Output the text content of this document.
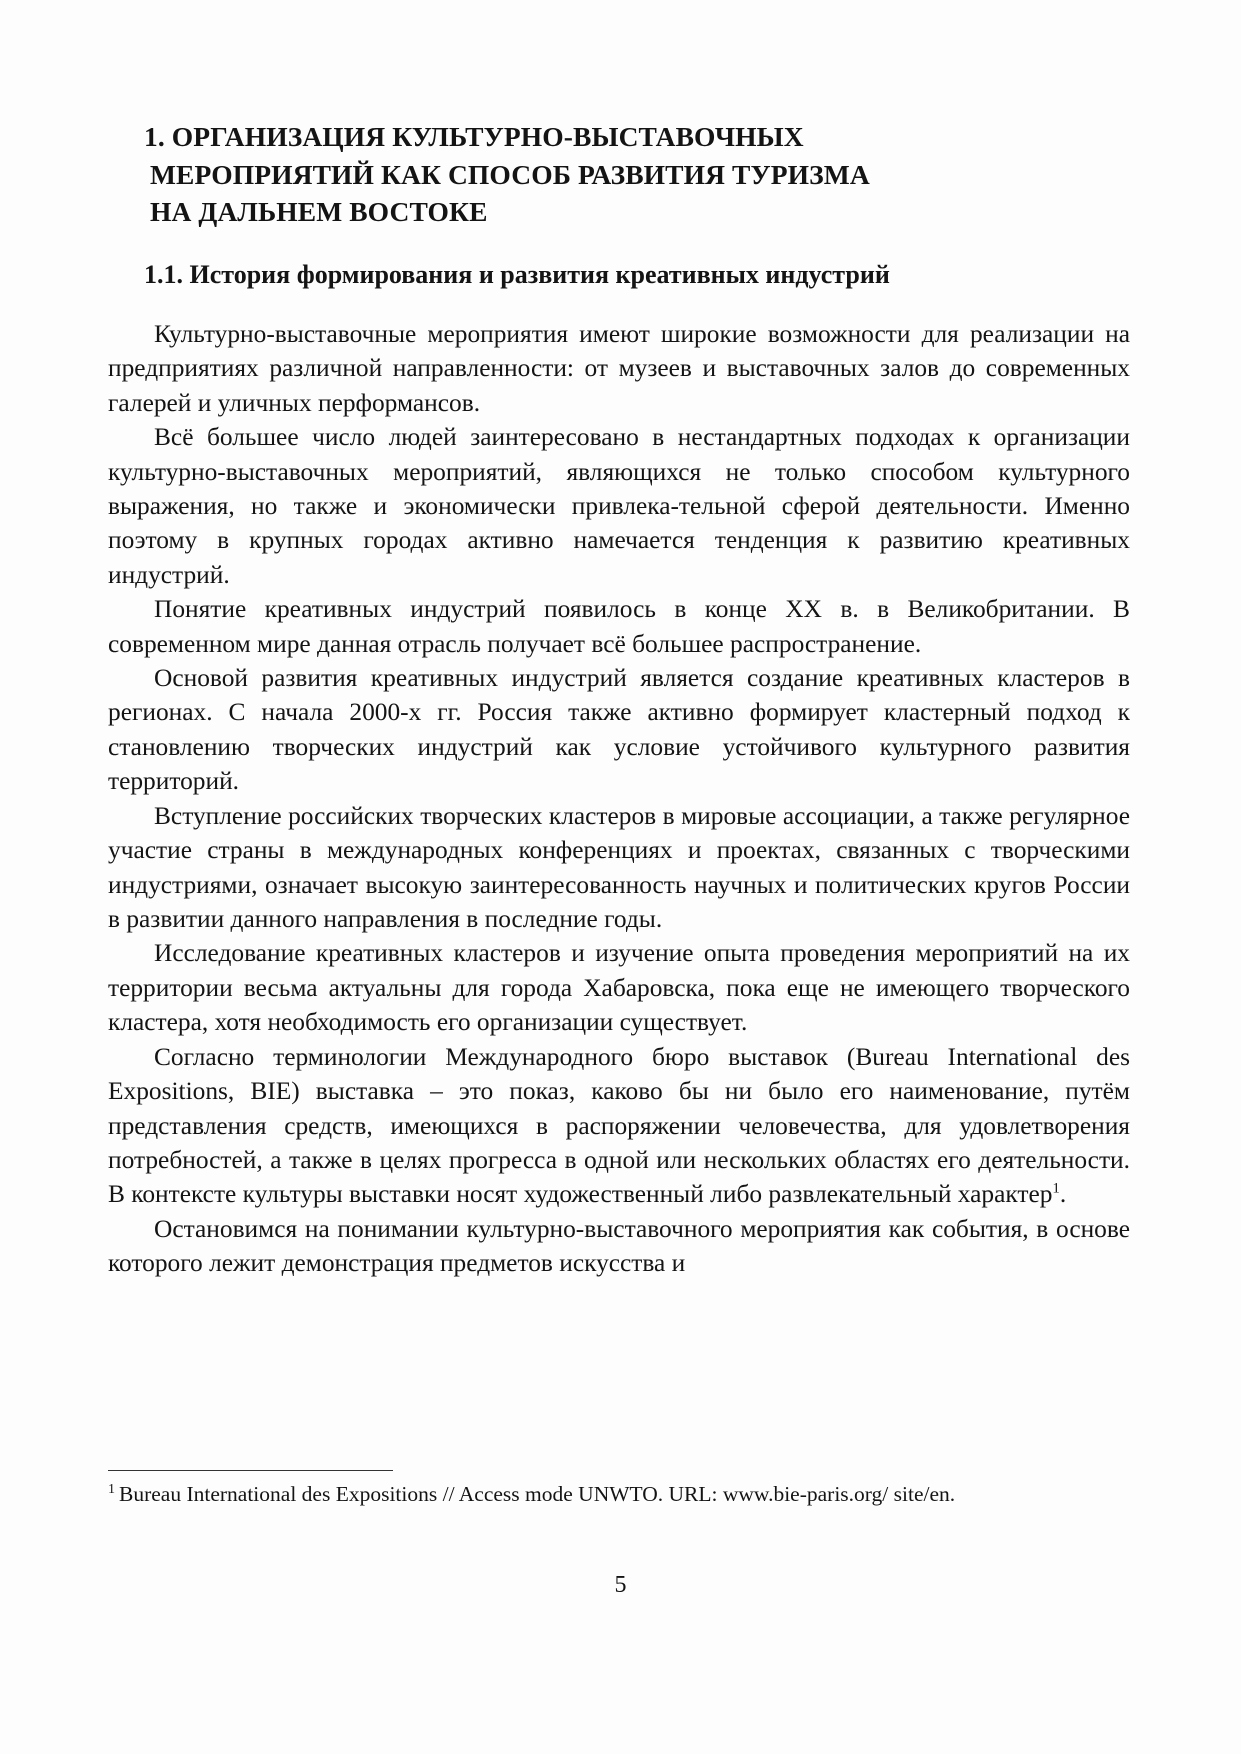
1. ОРГАНИЗАЦИЯ КУЛЬТУРНО-ВЫСТАВОЧНЫХ
МЕРОПРИЯТИЙ КАК СПОСОБ РАЗВИТИЯ ТУРИЗМА
НА ДАЛЬНЕМ ВОСТОКЕ
1.1. История формирования и развития креативных индустрий

Культурно-выставочные мероприятия имеют широкие возможности для реализации на предприятиях различной направленности: от музеев и выставочных залов до современных галерей и уличных перформансов.

Всё большее число людей заинтересовано в нестандартных подходах к организации культурно-выставочных мероприятий, являющихся не только способом культурного выражения, но также и экономически привлека-тельной сферой деятельности. Именно поэтому в крупных городах активно намечается тенденция к развитию креативных индустрий.

Понятие креативных индустрий появилось в конце XX в. в Великобритании. В современном мире данная отрасль получает всё большее распространение.

Основой развития креативных индустрий является создание креативных кластеров в регионах. С начала 2000-х гг. Россия также активно формирует кластерный подход к становлению творческих индустрий как условие устойчивого культурного развития территорий.

Вступление российских творческих кластеров в мировые ассоциации, а также регулярное участие страны в международных конференциях и проектах, связанных с творческими индустриями, означает высокую заинтересованность научных и политических кругов России в развитии данного направления в последние годы.

Исследование креативных кластеров и изучение опыта проведения мероприятий на их территории весьма актуальны для города Хабаровска, пока еще не имеющего творческого кластера, хотя необходимость его организации существует.

Согласно терминологии Международного бюро выставок (Bureau International des Expositions, BIE) выставка – это показ, каково бы ни было его наименование, путём представления средств, имеющихся в распоряжении человечества, для удовлетворения потребностей, а также в целях прогресса в одной или нескольких областях его деятельности. В контексте культуры выставки носят художественный либо развлекательный характер$^1$.

Остановимся на понимании культурно-выставочного мероприятия как события, в основе которого лежит демонстрация предметов искусства и

$^1$ Bureau International des Expositions // Access mode UNWTO. URL: www.bie-paris.org/ site/en.

5
